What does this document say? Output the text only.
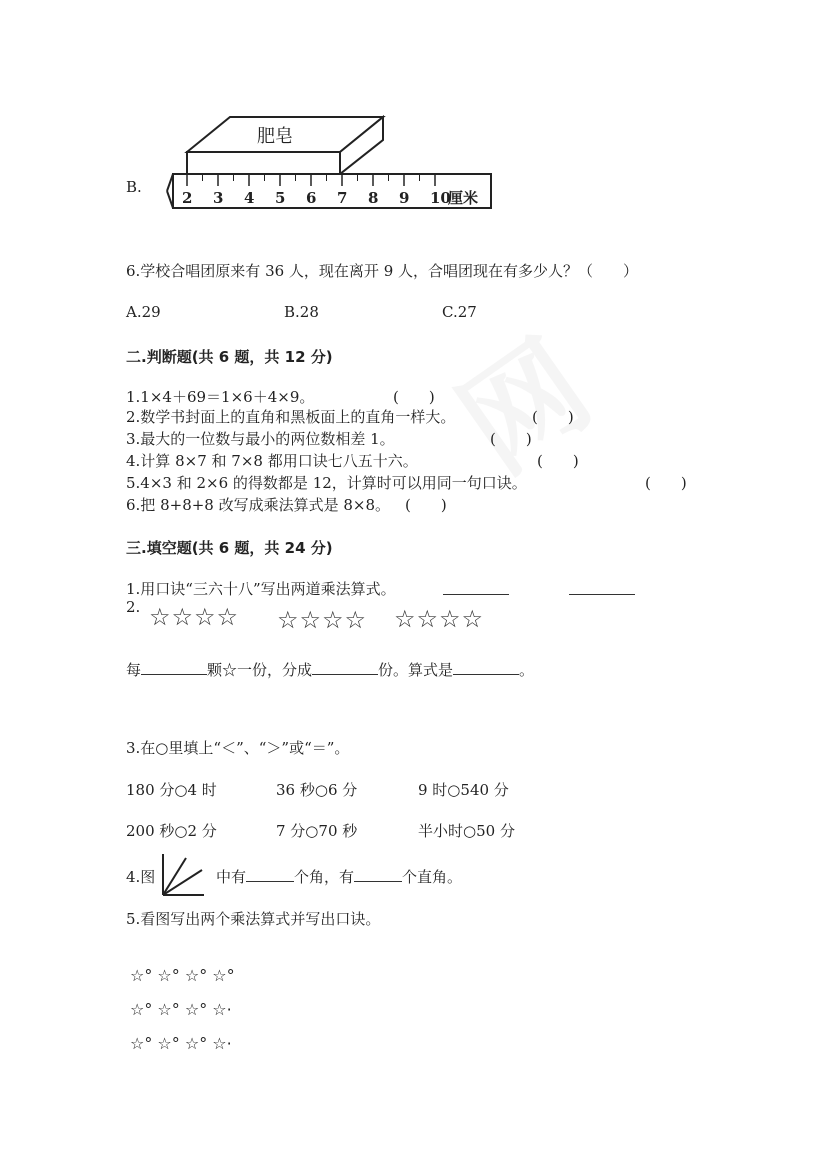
B.
肥皂
2 3 4 5 6 7 8 9 10
厘米
6.学校合唱团原来有 36 人，现在离开 9 人，合唱团现在有多少人？（　　）
A.29	B.28	C.27
二.判断题(共 6 题，共 12 分)
1.1×4＋69＝1×6＋4×9。	(　　)
2.数学书封面上的直角和黑板面上的直角一样大。	(　　)
3.最大的一位数与最小的两位数相差 1。	(　　)
4.计算 8×7 和 7×8 都用口诀七八五十六。	(　　)
5.4×3 和 2×6 的得数都是 12，计算时可以用同一句口诀。	(　　)
6.把 8+8+8 改写成乘法算式是 8×8。 (　　)
三.填空题(共 6 题，共 24 分)
1.用口诀“三六十八”写出两道乘法算式。
2. ☆☆☆☆ ☆☆☆☆ ☆☆☆☆
每	颗☆一份，分成	份。算式是	。
3.在○里填上“＜”、“＞”或“＝”。
180 分○4 时	36 秒○6 分	9 时○540 分
200 秒○2 分	7 分○70 秒	半小时○50 分
4.图	中有	个角，有	个直角。
5.看图写出两个乘法算式并写出口诀。
☆° ☆° ☆° ☆°
☆° ☆° ☆° ☆·
☆° ☆° ☆° ☆·
